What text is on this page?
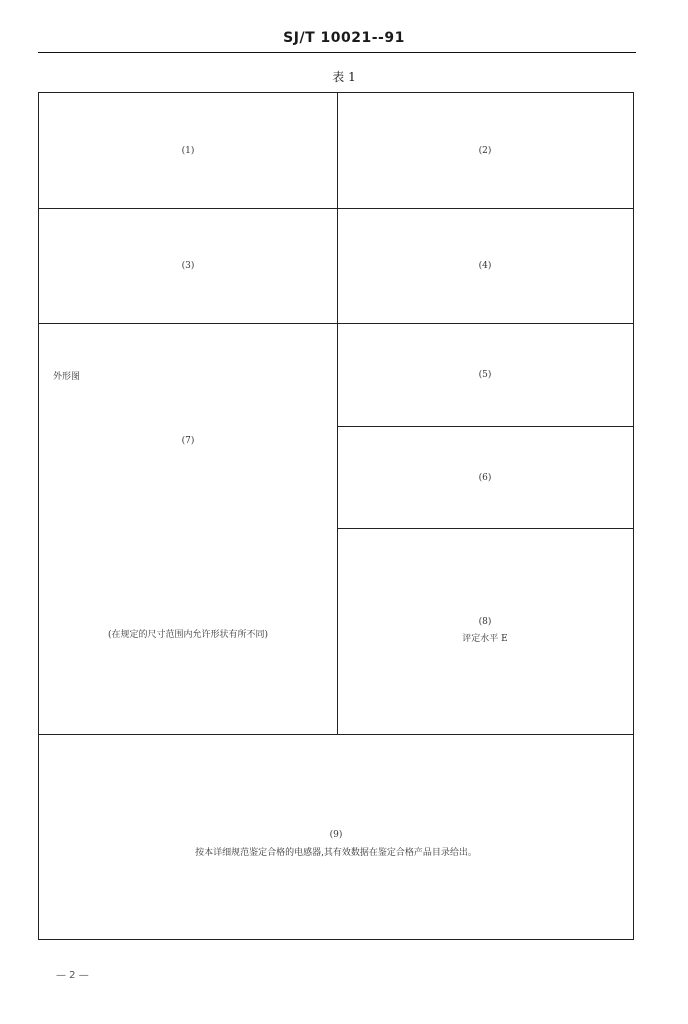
SJ/T 10021--91
表 1
(1)	(2)
(3)	(4)
外形图
(7)
(在规定的尺寸范围内允许形状有所不同)
(5)
(6)
(8)
评定水平 E
(9)
按本详细规范鉴定合格的电感器,其有效数据在鉴定合格产品目录给出。
— 2 —
